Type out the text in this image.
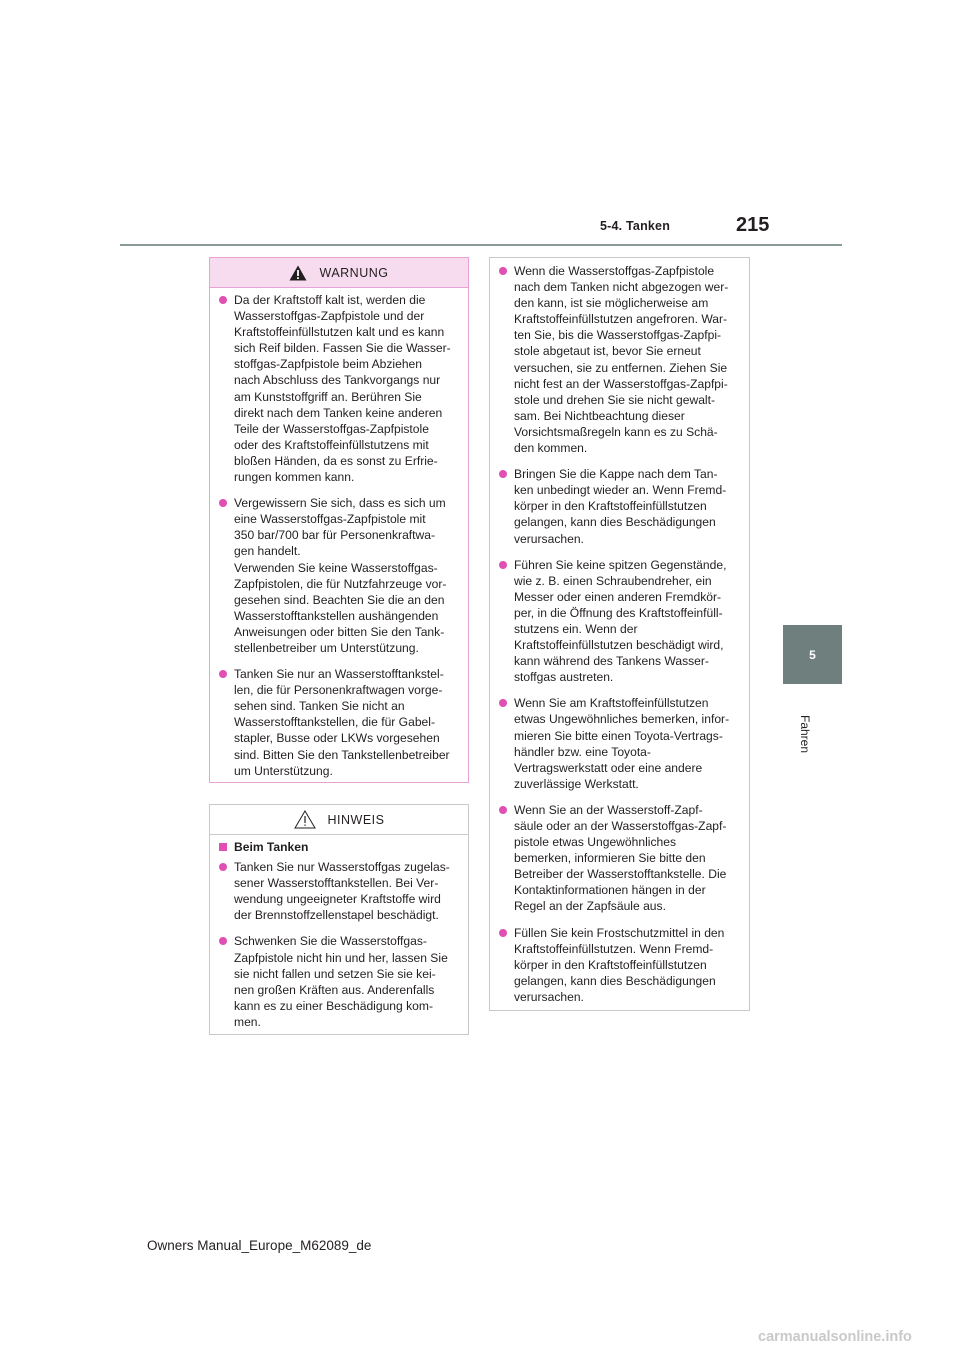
5-4. Tanken	215
5
Fahren
WARNUNG
Da der Kraftstoff kalt ist, werden die
Wasserstoffgas-Zapfpistole und der
Kraftstoffeinfüllstutzen kalt und es kann
sich Reif bilden. Fassen Sie die Wasser-
stoffgas-Zapfpistole beim Abziehen
nach Abschluss des Tankvorgangs nur
am Kunststoffgriff an. Berühren Sie
direkt nach dem Tanken keine anderen
Teile der Wasserstoffgas-Zapfpistole
oder des Kraftstoffeinfüllstutzens mit
bloßen Händen, da es sonst zu Erfrie-
rungen kommen kann.
Vergewissern Sie sich, dass es sich um
eine Wasserstoffgas-Zapfpistole mit
350 bar/700 bar für Personenkraftwa-
gen handelt.
Verwenden Sie keine Wasserstoffgas-
Zapfpistolen, die für Nutzfahrzeuge vor-
gesehen sind. Beachten Sie die an den
Wasserstofftankstellen aushängenden
Anweisungen oder bitten Sie den Tank-
stellenbetreiber um Unterstützung.
Tanken Sie nur an Wasserstofftankstel-
len, die für Personenkraftwagen vorge-
sehen sind. Tanken Sie nicht an
Wasserstofftankstellen, die für Gabel-
stapler, Busse oder LKWs vorgesehen
sind. Bitten Sie den Tankstellenbetreiber
um Unterstützung.
HINWEIS
Beim Tanken
Tanken Sie nur Wasserstoffgas zugelas-
sener Wasserstofftankstellen. Bei Ver-
wendung ungeeigneter Kraftstoffe wird
der Brennstoffzellenstapel beschädigt.
Schwenken Sie die Wasserstoffgas-
Zapfpistole nicht hin und her, lassen Sie
sie nicht fallen und setzen Sie sie kei-
nen großen Kräften aus. Anderenfalls
kann es zu einer Beschädigung kom-
men.
Wenn die Wasserstoffgas-Zapfpistole
nach dem Tanken nicht abgezogen wer-
den kann, ist sie möglicherweise am
Kraftstoffeinfüllstutzen angefroren. War-
ten Sie, bis die Wasserstoffgas-Zapfpi-
stole abgetaut ist, bevor Sie erneut
versuchen, sie zu entfernen. Ziehen Sie
nicht fest an der Wasserstoffgas-Zapfpi-
stole und drehen Sie sie nicht gewalt-
sam. Bei Nichtbeachtung dieser
Vorsichtsmaßregeln kann es zu Schä-
den kommen.
Bringen Sie die Kappe nach dem Tan-
ken unbedingt wieder an. Wenn Fremd-
körper in den Kraftstoffeinfüllstutzen
gelangen, kann dies Beschädigungen
verursachen.
Führen Sie keine spitzen Gegenstände,
wie z. B. einen Schraubendreher, ein
Messer oder einen anderen Fremdkör-
per, in die Öffnung des Kraftstoffeinfüll-
stutzens ein. Wenn der
Kraftstoffeinfüllstutzen beschädigt wird,
kann während des Tankens Wasser-
stoffgas austreten.
Wenn Sie am Kraftstoffeinfüllstutzen
etwas Ungewöhnliches bemerken, infor-
mieren Sie bitte einen Toyota-Vertrags-
händler bzw. eine Toyota-
Vertragswerkstatt oder eine andere
zuverlässige Werkstatt.
Wenn Sie an der Wasserstoff-Zapf-
säule oder an der Wasserstoffgas-Zapf-
pistole etwas Ungewöhnliches
bemerken, informieren Sie bitte den
Betreiber der Wasserstofftankstelle. Die
Kontaktinformationen hängen in der
Regel an der Zapfsäule aus.
Füllen Sie kein Frostschutzmittel in den
Kraftstoffeinfüllstutzen. Wenn Fremd-
körper in den Kraftstoffeinfüllstutzen
gelangen, kann dies Beschädigungen
verursachen.
Owners Manual_Europe_M62089_de
carmanualsonline.info
